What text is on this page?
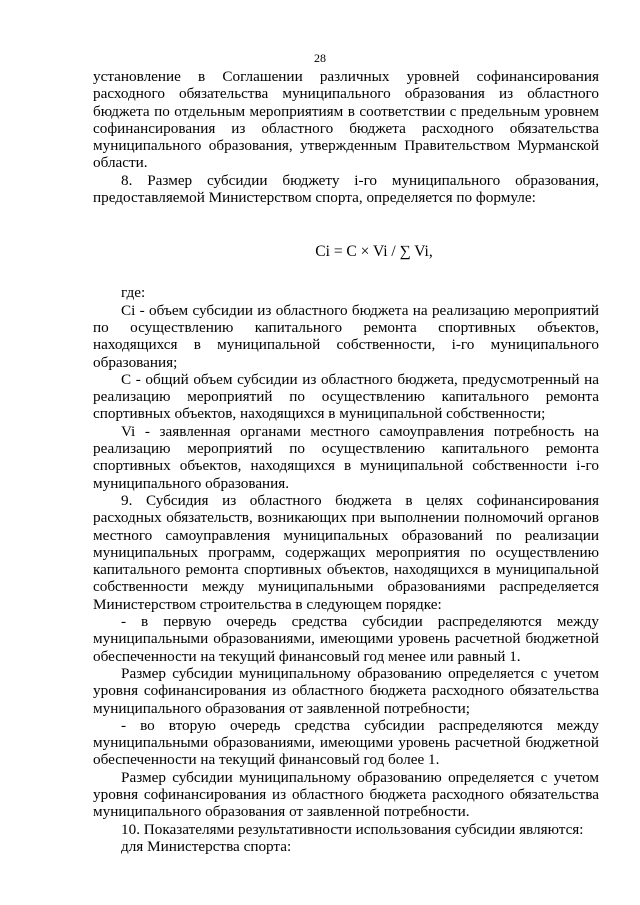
28

установление в Соглашении различных уровней софинансирования расходного обязательства муниципального образования из областного бюджета по отдельным мероприятиям в соответствии с предельным уровнем софинансирования из областного бюджета расходного обязательства муниципального образования, утвержденным Правительством Мурманской области.

8. Размер субсидии бюджету i-го муниципального образования, предоставляемой Министерством спорта, определяется по формуле:

Ci = C × Vi / ∑ Vi,

где:

Ci - объем субсидии из областного бюджета на реализацию мероприятий по осуществлению капитального ремонта спортивных объектов, находящихся в муниципальной собственности, i-го муниципального образования;

С - общий объем субсидии из областного бюджета, предусмотренный на реализацию мероприятий по осуществлению капитального ремонта спортивных объектов, находящихся в муниципальной собственности;

Vi - заявленная органами местного самоуправления потребность на реализацию мероприятий по осуществлению капитального ремонта спортивных объектов, находящихся в муниципальной собственности i-го муниципального образования.

9. Субсидия из областного бюджета в целях софинансирования расходных обязательств, возникающих при выполнении полномочий органов местного самоуправления муниципальных образований по реализации муниципальных программ, содержащих мероприятия по осуществлению капитального ремонта спортивных объектов, находящихся в муниципальной собственности между муниципальными образованиями распределяется Министерством строительства в следующем порядке:

- в первую очередь средства субсидии распределяются между муниципальными образованиями, имеющими уровень расчетной бюджетной обеспеченности на текущий финансовый год менее или равный 1.

Размер субсидии муниципальному образованию определяется с учетом уровня софинансирования из областного бюджета расходного обязательства муниципального образования от заявленной потребности;

- во вторую очередь средства субсидии распределяются между муниципальными образованиями, имеющими уровень расчетной бюджетной обеспеченности на текущий финансовый год более 1.

Размер субсидии муниципальному образованию определяется с учетом уровня софинансирования из областного бюджета расходного обязательства муниципального образования от заявленной потребности.

10. Показателями результативности использования субсидии являются:

для Министерства спорта:
